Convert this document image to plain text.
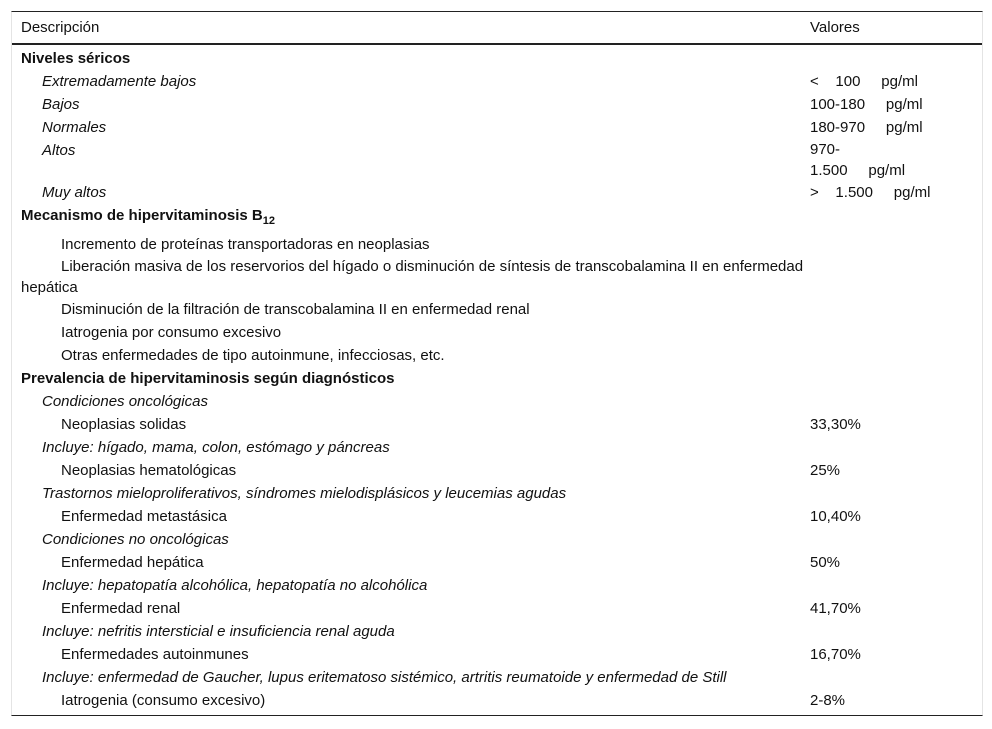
Descripción	Valores
Niveles séricos
Extremadamente bajos	<    100     pg/ml
Bajos	100-180     pg/ml
Normales	180-970     pg/ml
Altos	970-
1.500     pg/ml
Muy altos	>    1.500     pg/ml
Mecanismo de hipervitaminosis $B_{12}$
Incremento de proteínas transportadoras en neoplasias
Liberación masiva de los reservorios del hígado o disminución de síntesis de transcobalamina II en enfermedad hepática
Disminución de la filtración de transcobalamina II en enfermedad renal
Iatrogenia por consumo excesivo
Otras enfermedades de tipo autoinmune, infecciosas, etc.
Prevalencia de hipervitaminosis según diagnósticos
Condiciones oncológicas
Neoplasias solidas	33,30%
Incluye: hígado, mama, colon, estómago y páncreas
Neoplasias hematológicas	25%
Trastornos mieloproliferativos, síndromes mielodisplásicos y leucemias agudas
Enfermedad metastásica	10,40%
Condiciones no oncológicas
Enfermedad hepática	50%
Incluye: hepatopatía alcohólica, hepatopatía no alcohólica
Enfermedad renal	41,70%
Incluye: nefritis intersticial e insuficiencia renal aguda
Enfermedades autoinmunes	16,70%
Incluye: enfermedad de Gaucher, lupus eritematoso sistémico, artritis reumatoide y enfermedad de Still
Iatrogenia (consumo excesivo)	2-8%
